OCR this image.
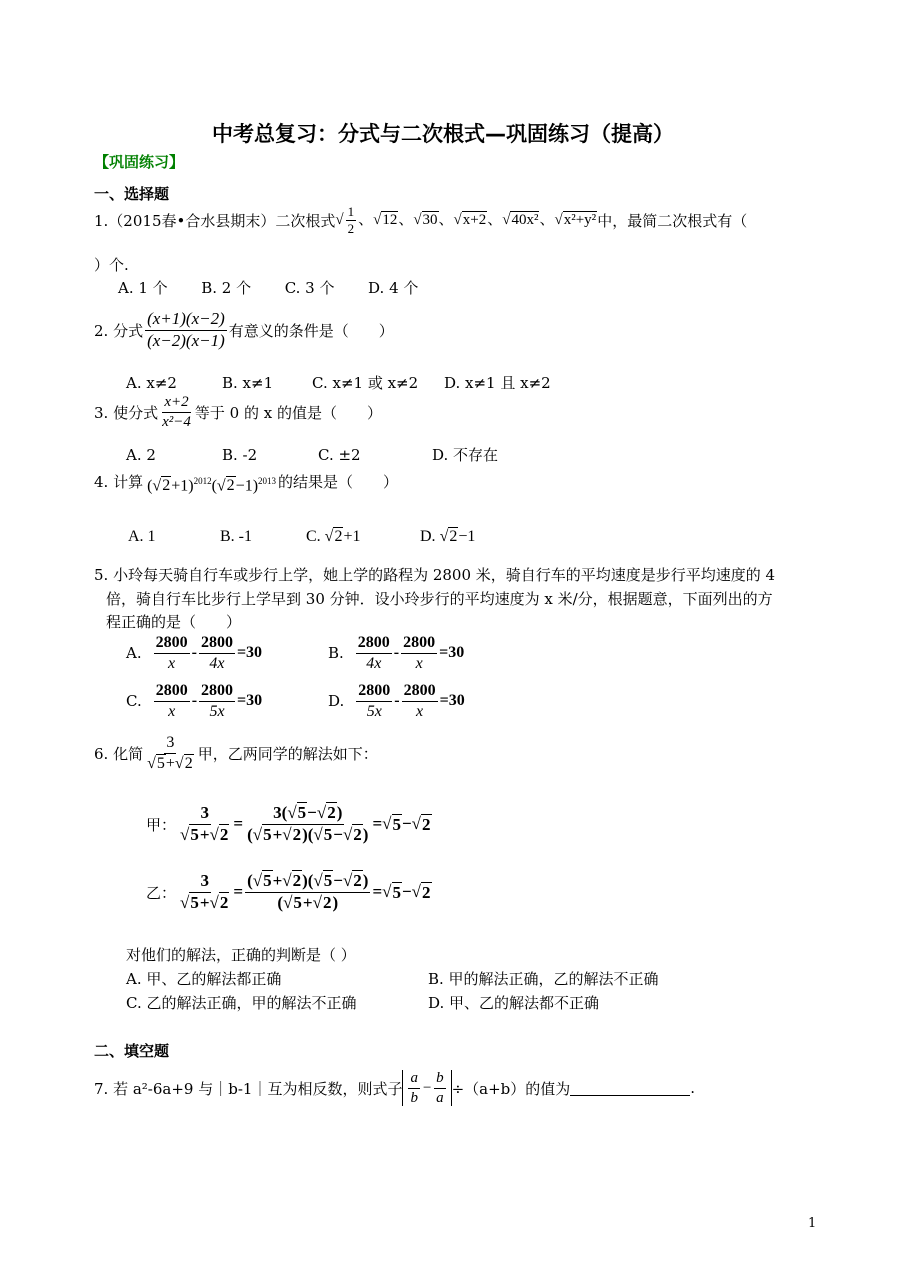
中考总复习：分式与二次根式—巩固练习（提高）
【巩固练习】
一、选择题
1.（2015春•合水县期末）二次根式 √ $\frac{1}{2}$ 、√12、√30、√x+2、√40x²、√x²+y² 中，最简二次根式有（
）个.
A. 1 个 B. 2 个 C. 3 个 D. 4 个
2. 分式 $\frac{(x+1)(x-2)}{(x-2)(x-1)}$ 有意义的条件是（　　）
A. x≠2	B. x≠1	C. x≠1 或 x≠2 D. x≠1 且 x≠2
3. 使分式 $\frac{x+2}{\text{x²−4}}$ 等于 0 的 x 的值是（　　）
A. 2	B. -2	C. ±2	D. 不存在
4. 计算 $(√2+1)^{2012}(√2-1)^{2013}$ 的结果是（　　）
A. 1	B. -1	C. √2+1	D. √2−1
5. 小玲每天骑自行车或步行上学，她上学的路程为 2800 米，骑自行车的平均速度是步行平均速度的 4
倍，骑自行车比步行上学早到 30 分钟．设小玲步行的平均速度为 x 米/分，根据题意，下面列出的方
程正确的是（　　）
A. $\frac{2800}{x} - \frac{2800}{4x} =30$	B. $\frac{2800}{4x} - \frac{2800}{x} =30$
C. $\frac{2800}{x} - \frac{2800}{5x} =30$	D. $\frac{2800}{5x} - \frac{2800}{x} =30$
6. 化简 $\frac{3}{√5+√2}$ 甲，乙两同学的解法如下：
甲： $\frac{3}{√5+√2} = \frac{3(√5-√2)}{(√5+√2)(√5-√2)}$ =√ 5 −√ 2
乙： $\frac{3}{√5+√2} = \frac{(√5+√2)(√5-√2)}{(√5+√2)}$ =√ 5 −√ 2
对他们的解法，正确的判断是（ ）
A. 甲、乙的解法都正确	B. 甲的解法正确，乙的解法不正确
C. 乙的解法正确，甲的解法不正确	D. 甲、乙的解法都不正确
二、填空题
7. 若 a²-6a+9 与｜b-1｜互为相反数，则式子 $\frac{a}{b} - \frac{b}{a} \div(a+b)$的值为	.
1
